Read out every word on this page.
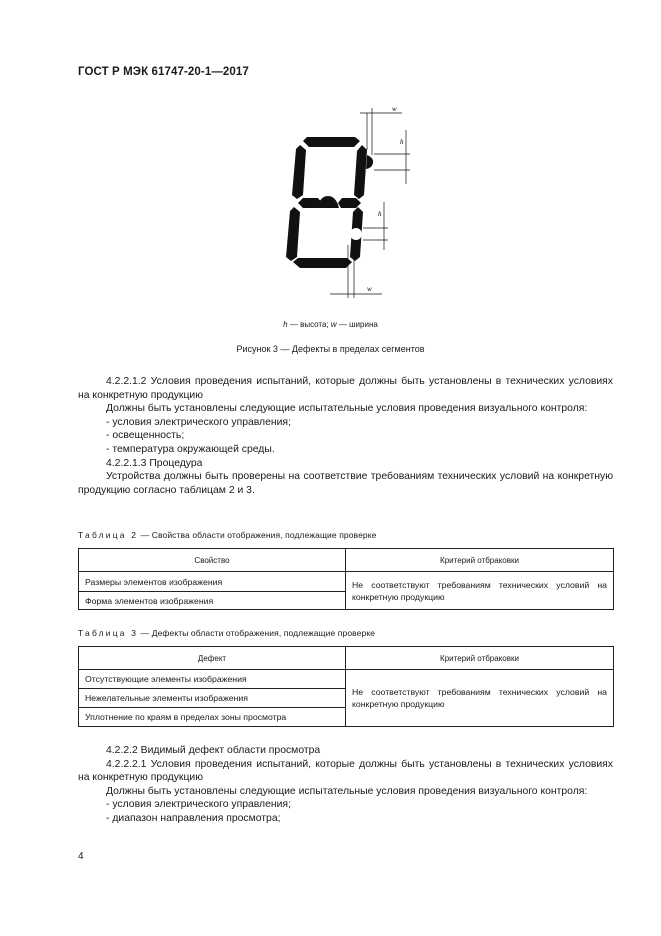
ГОСТ Р МЭК 61747-20-1—2017
w
h
h
w
h — высота; w — ширина
Рисунок 3 — Дефекты в пределах сегментов

4.2.2.1.2 Условия проведения испытаний, которые должны быть установлены в технических условиях на конкретную продукцию

Должны быть установлены следующие испытательные условия проведения визуального контроля:

- условия электрического управления;

- освещенность;

- температура окружающей среды.

4.2.2.1.3 Процедура

Устройства должны быть проверены на соответствие требованиям технических условий на конкретную продукцию согласно таблицам 2 и 3.

Таблица 2 — Свойства области отображения, подлежащие проверке
Свойство	Критерий отбраковки
Размеры элементов изображения	Не соответствуют требованиям технических условий на конкретную продукцию
Форма элементов изображения	
Таблица 3 — Дефекты области отображения, подлежащие проверке
Дефект	Критерий отбраковки
Отсутствующие элементы изображения	Не соответствуют требованиям технических условий на конкретную продукцию
Нежелательные элементы изображения	
Уплотнение по краям в пределах зоны просмотра	

4.2.2.2 Видимый дефект области просмотра

4.2.2.2.1 Условия проведения испытаний, которые должны быть установлены в технических условиях на конкретную продукцию

Должны быть установлены следующие испытательные условия проведения визуального контроля:

- условия электрического управления;

- диапазон направления просмотра;

4
